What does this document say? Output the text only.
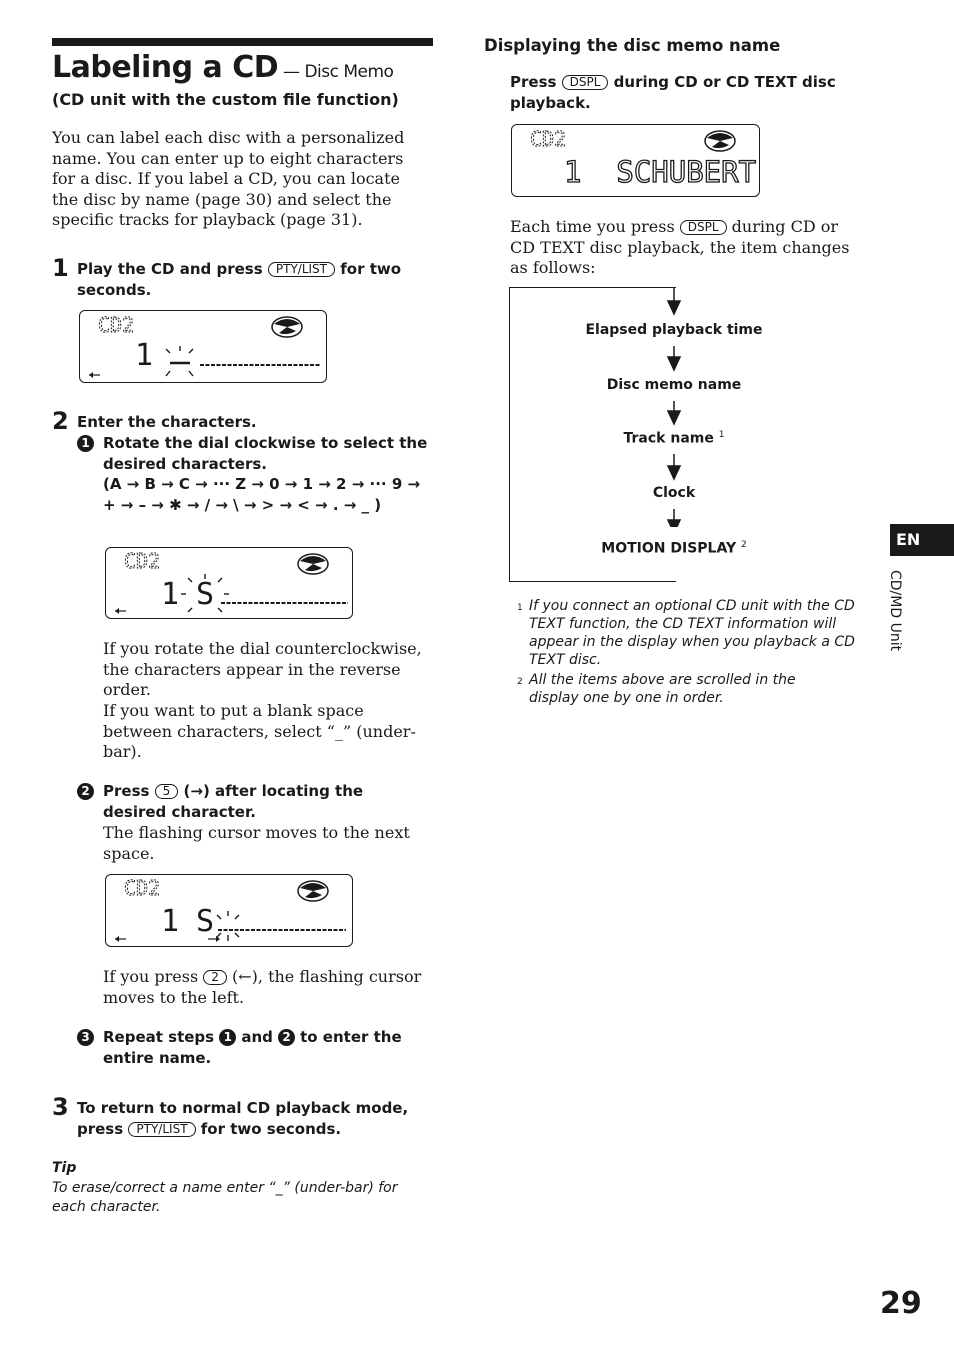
Labeling a CD — Disc Memo
(CD unit with the custom file function)
You can label each disc with a personalized name. You can enter up to eight characters for a disc. If you label a CD, you can locate the disc by name (page 30) and select the specific tracks for playback (page 31).
1 Play the CD and press PTY/LIST for two seconds.
CD2
1
2 Enter the characters.
1 Rotate the dial clockwise to select the desired characters.
(A → B → C → ··· Z → 0 → 1 → 2 → ··· 9 → + → – → ✱ → / → \ → > → < → . → _ )
CD2
1 S
If you rotate the dial counterclockwise, the characters appear in the reverse order.
If you want to put a blank space between characters, select “_” (under-bar).
2 Press 5 (→) after locating the desired character.
The flashing cursor moves to the next space.
CD2
1 S
If you press 2 (←), the flashing cursor moves to the left.
3 Repeat steps 1 and 2 to enter the entire name.
3 To return to normal CD playback mode, press PTY/LIST for two seconds.
Tip
To erase/correct a name enter “_” (under-bar) for each character.
Displaying the disc memo name
Press DSPL during CD or CD TEXT disc playback.
CD2
1  SCHUBERT
Each time you press DSPL during CD or CD TEXT disc playback, the item changes as follows:
Elapsed playback time
Disc memo name
Track name $^1$
Clock
MOTION DISPLAY $^2$
1 If you connect an optional CD unit with the CD TEXT function, the CD TEXT information will appear in the display when you playback a CD TEXT disc.
2 All the items above are scrolled in the display one by one in order.
EN
CD/MD Unit
29
